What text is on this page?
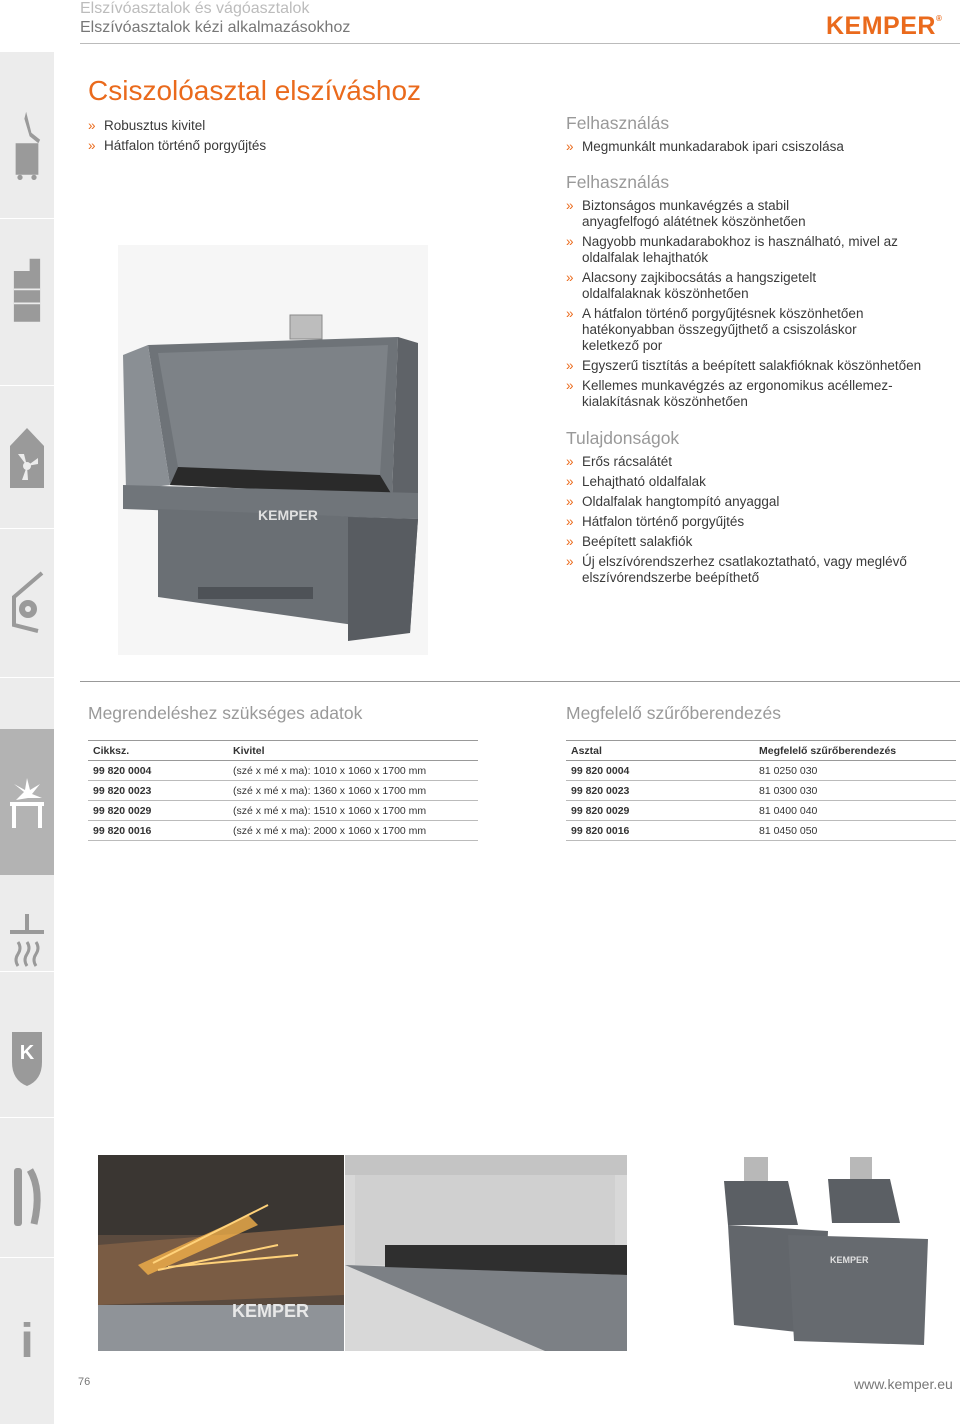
Elszívóasztalok és vágóasztalok
Elszívóasztalok kézi alkalmazásokhoz	KEMPER®
K
i
Csiszolóasztal elszíváshoz
» Robusztus kivitel
» Hátfalon történő porgyűjtés
Felhasználás
» Megmunkált munkadarabok ipari csiszolása
Felhasználás
» Biztonságos munkavégzés a stabil anyagfelfogó alátétnek köszönhetően
» Nagyobb munkadarabokhoz is használható, mivel az oldalfalak lehajthatók
» Alacsony zajkibocsátás a hangszigetelt oldalfalaknak köszönhetően
» A hátfalon történő porgyűjtésnek köszönhetően hatékonyabban összegyűjthető a csiszoláskor keletkező por
» Egyszerű tisztítás a beépített salakfióknak köszönhetően
» Kellemes munkavégzés az ergonomikus acéllemez-kialakításnak köszönhetően
Tulajdonságok
» Erős rácsalátét
» Lehajtható oldalfalak
» Oldalfalak hangtompító anyaggal
» Hátfalon történő porgyűjtés
» Beépített salakfiók
» Új elszívórendszerhez csatlakoztatható, vagy meglévő elszívórendszerbe beépíthető
KEMPER
Megrendeléshez szükséges adatok
Cikksz.	Kivitel
99 820 0004	(szé x mé x ma): 1010 x 1060 x 1700 mm
99 820 0023	(szé x mé x ma): 1360 x 1060 x 1700 mm
99 820 0029	(szé x mé x ma): 1510 x 1060 x 1700 mm
99 820 0016	(szé x mé x ma): 2000 x 1060 x 1700 mm
Megfelelő szűrőberendezés
Asztal	Megfelelő szűrőberendezés
99 820 0004	81 0250 030
99 820 0023	81 0300 030
99 820 0029	81 0400 040
99 820 0016	81 0450 050
KEMPER
KEMPER
76	www.kemper.eu
